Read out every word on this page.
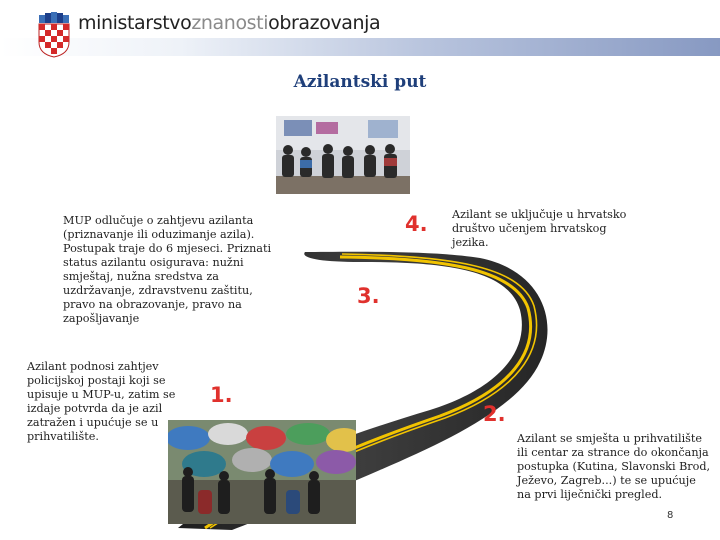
ministarstvoznanostiobrazovanja
Azilantski put
4.
3.
1.
2.
Azilant se uključuje u hrvatsko društvo učenjem hrvatskog jezika.
MUP odlučuje o zahtjevu azilanta (priznavanje ili oduzimanje azila). Postupak traje do 6 mjeseci. Priznati status azilantu osigurava: nužni smještaj, nužna sredstva za uzdržavanje, zdravstvenu zaštitu, pravo na obrazovanje, pravo na zapošljavanje
Azilant podnosi zahtjev policijskoj postaji koji se upisuje u MUP-u, zatim se izdaje potvrda da je azil zatražen i upućuje se u prihvatilište.	Azilant se smješta u prihvatilište ili centar za strance do okončanja postupka (Kutina, Slavonski Brod, Ježevo, Zagreb...) te se upućuje na prvi liječnički pregled.
8
